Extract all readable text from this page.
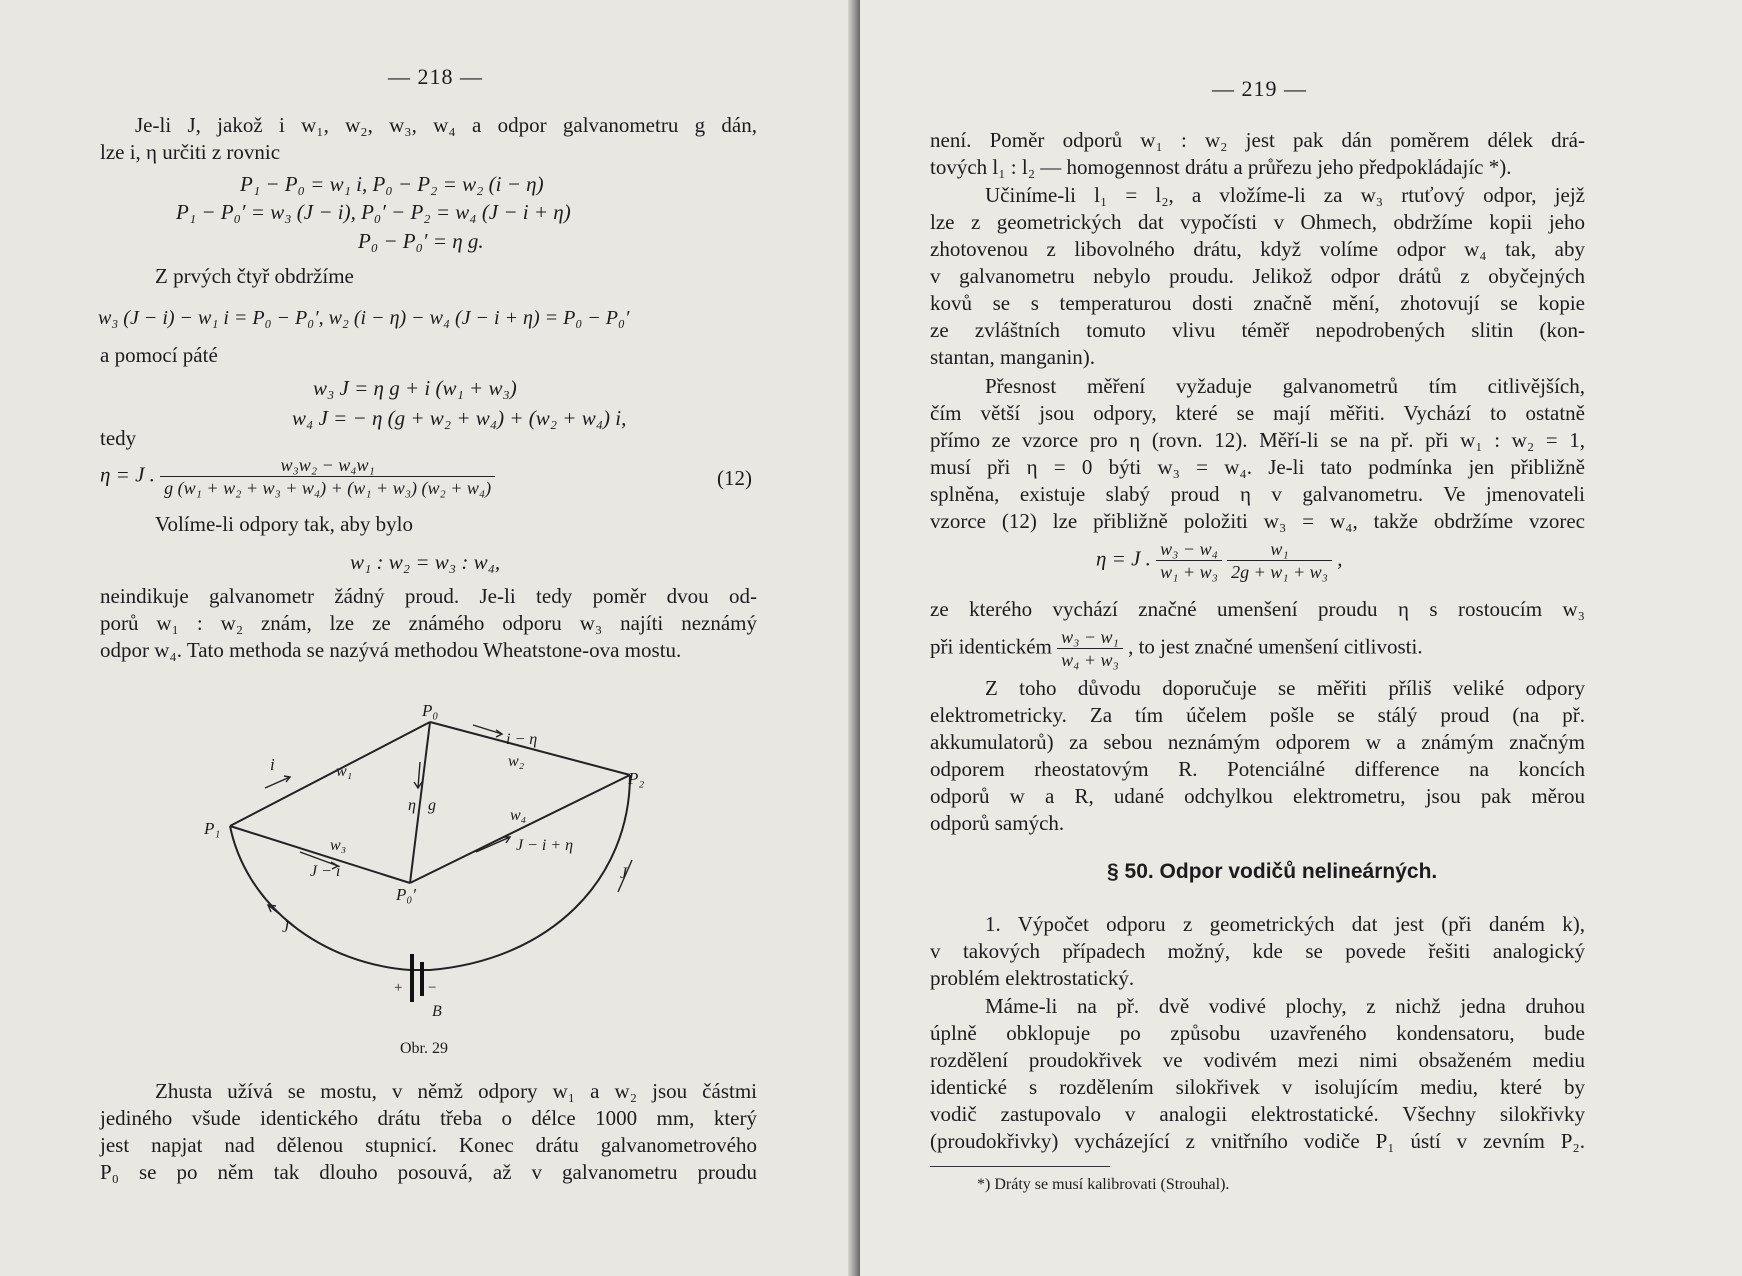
— 218 —
Je-li J, jakož i w₁, w₂, w₃, w₄ a odpor galvanometru g dán,
lze i, η určiti z rovnic
P₁ − P₀ = w₁ i, P₀ − P₂ = w₂ (i − η)
P₁ − P₀′ = w₃ (J − i), P₀′ − P₂ = w₄ (J − i + η)
P₀ − P₀′ = η g.
Z prvých čtyř obdržíme
w₃ (J − i) − w₁ i = P₀ − P₀′, w₂ (i − η) − w₄ (J − i + η) = P₀ − P₀′
a pomocí páté
w₃ J = η g + i (w₁ + w₃)
w₄ J = − η (g + w₂ + w₄) + (w₂ + w₄) i,
tedy
η = J . $\frac{\text{w₃w₂ − w₄w₁}}{\text{g (w₁ + w₂ + w₃ + w₄) + (w₁ + w₃) (w₂ + w₄)}}$	(12)
Volíme-li odpory tak, aby bylo
w₁ : w₂ = w₃ : w₄,
neindikuje galvanometr žádný proud. Je-li tedy poměr dvou od-
porů w₁ : w₂ znám, lze ze známého odporu w₃ najíti neznámý
odpor w₄. Tato methoda se nazývá methodou Wheatstone-ova mostu.
P₀
P₂
P₁
P₀′
i
i − η
w₁
w₂
w₃
w₄
η g
J − i
J − i + η
J
J
B
+ −
Obr. 29
Zhusta užívá se mostu, v němž odpory w₁ a w₂ jsou částmi
jediného všude identického drátu třeba o délce 1000 mm, který
jest napjat nad dělenou stupnicí. Konec drátu galvanometrového
P₀ se po něm tak dlouho posouvá, až v galvanometru proudu
— 219 —
není. Poměr odporů w₁ : w₂ jest pak dán poměrem délek drá-
tových l₁ : l₂ — homogennost drátu a průřezu jeho předpokládajíc *).
Učiníme-li l₁ = l₂, a vložíme-li za w₃ rtuťový odpor, jejž
lze z geometrických dat vypočísti v Ohmech, obdržíme kopii jeho
zhotovenou z libovolného drátu, když volíme odpor w₄ tak, aby
v galvanometru nebylo proudu. Jelikož odpor drátů z obyčejných
kovů se s temperaturou dosti značně mění, zhotovují se kopie
ze zvláštních tomuto vlivu téměř nepodrobených slitin (kon-
stantan, manganin).
Přesnost měření vyžaduje galvanometrů tím citlivějších,
čím větší jsou odpory, které se mají měřiti. Vychází to ostatně
přímo ze vzorce pro η (rovn. 12). Měří-li se na př. při w₁ : w₂ = 1,
musí při η = 0 býti w₃ = w₄. Je-li tato podmínka jen přibližně
splněna, existuje slabý proud η v galvanometru. Ve jmenovateli
vzorce (12) lze přibližně položiti w₃ = w₄, takže obdržíme vzorec
η = J . $\frac{\text{w₃ − w₄}}{\text{w₁ + w₃}}$
$\frac{\text{w₁}}{\text{2g + w₁ + w₃}}$ ,
ze kterého vychází značné umenšení proudu η s rostoucím w₃
při identickém $\frac{\text{w₃ − w₁}}{\text{w₄ + w₃}}$ , to jest značné umenšení citlivosti.
Z toho důvodu doporučuje se měřiti příliš veliké odpory
elektrometricky. Za tím účelem pošle se stálý proud (na př.
akkumulatorů) za sebou neznámým odporem w a známým značným
odporem rheostatovým R. Potenciálné difference na koncích
odporů w a R, udané odchylkou elektrometru, jsou pak měrou
odporů samých.
§ 50. Odpor vodičů nelineárných.
1. Výpočet odporu z geometrických dat jest (při daném k),
v takových případech možný, kde se povede řešiti analogický
problém elektrostatický.
Máme-li na př. dvě vodivé plochy, z nichž jedna druhou
úplně obklopuje po způsobu uzavřeného kondensatoru, bude
rozdělení proudokřivek ve vodivém mezi nimi obsaženém mediu
identické s rozdělením silokřivek v isolujícím mediu, které by
vodič zastupovalo v analogii elektrostatické. Všechny silokřivky
(proudokřivky) vycházející z vnitřního vodiče P₁ ústí v zevním P₂.
*) Dráty se musí kalibrovati (Strouhal).
